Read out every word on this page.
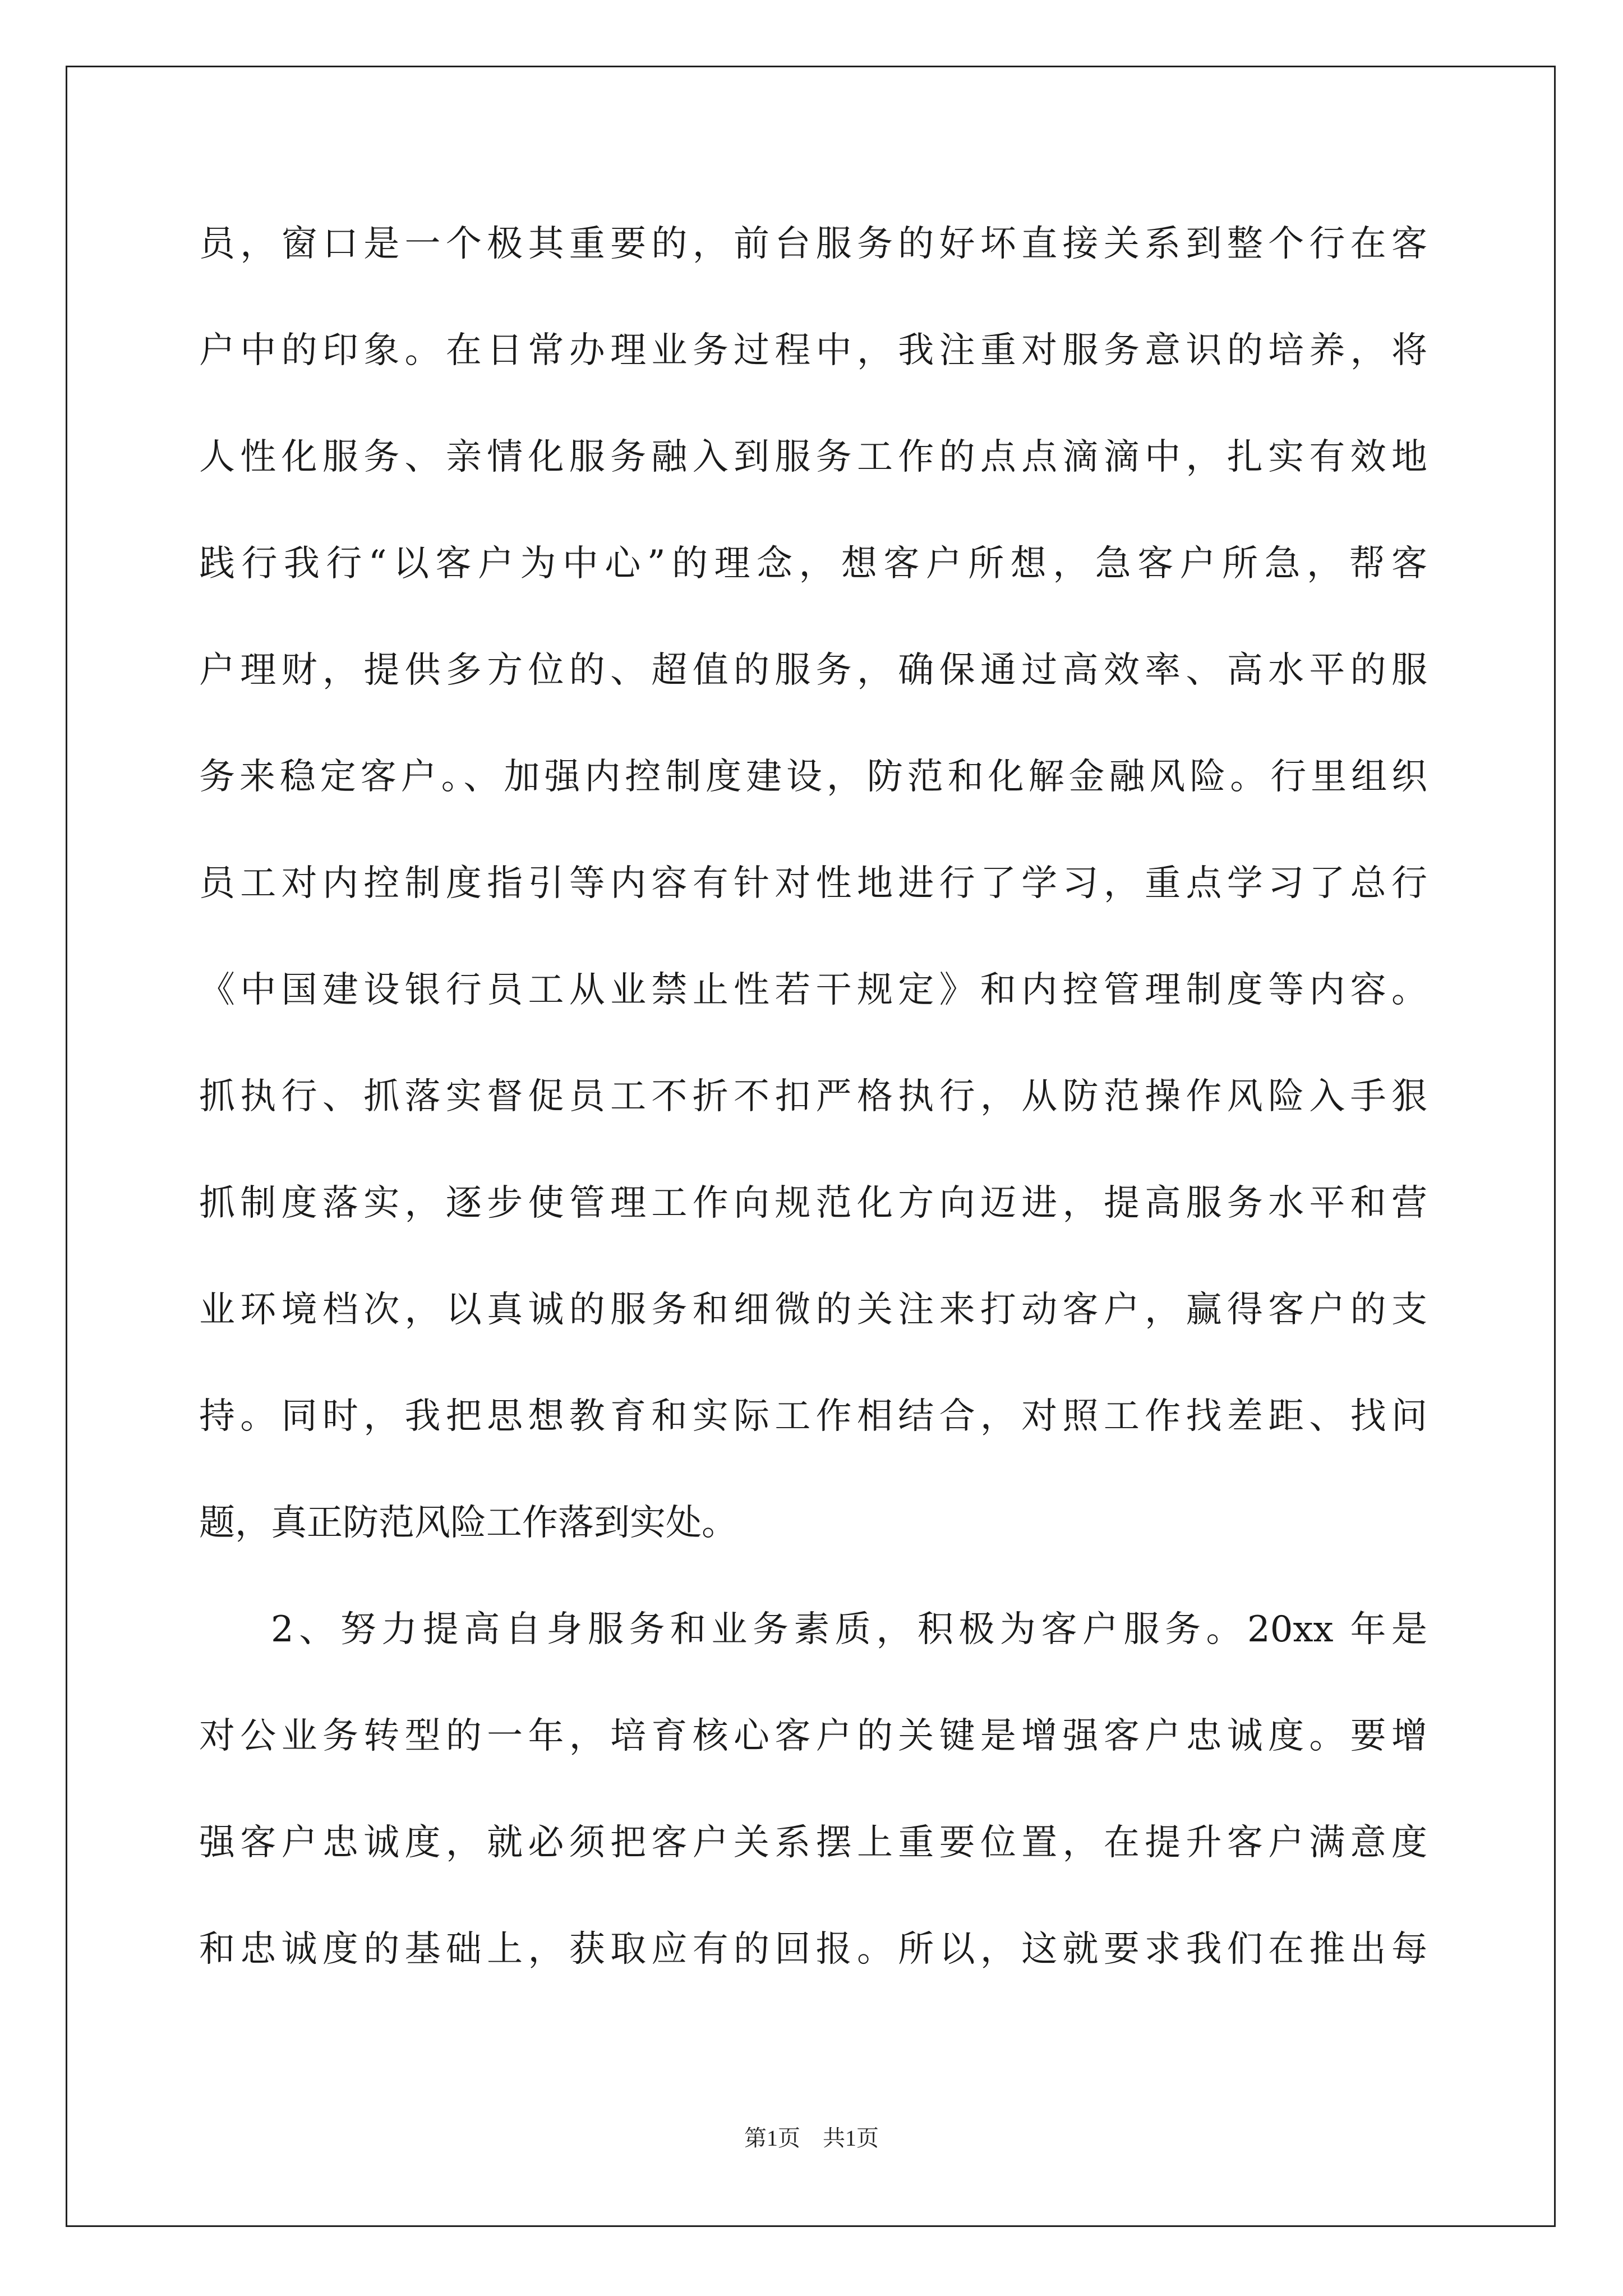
员，窗口是一个极其重要的，前台服务的好坏直接关系到整个行在客
户中的印象。在日常办理业务过程中，我注重对服务意识的培养，将
人性化服务、亲情化服务融入到服务工作的点点滴滴中，扎实有效地
践行我行“以客户为中心”的理念，想客户所想，急客户所急，帮客
户理财，提供多方位的、超值的服务，确保通过高效率、高水平的服
务来稳定客户。、加强内控制度建设，防范和化解金融风险。行里组织
员工对内控制度指引等内容有针对性地进行了学习，重点学习了总行
《中国建设银行员工从业禁止性若干规定》和内控管理制度等内容。
抓执行、抓落实督促员工不折不扣严格执行，从防范操作风险入手狠
抓制度落实，逐步使管理工作向规范化方向迈进，提高服务水平和营
业环境档次，以真诚的服务和细微的关注来打动客户，赢得客户的支
持。同时，我把思想教育和实际工作相结合，对照工作找差距、找问
题，真正防范风险工作落到实处。
2、努力提高自身服务和业务素质，积极为客户服务。20xx 年是
对公业务转型的一年，培育核心客户的关键是增强客户忠诚度。要增
强客户忠诚度，就必须把客户关系摆上重要位置，在提升客户满意度
和忠诚度的基础上，获取应有的回报。所以，这就要求我们在推出每
第1页 共1页
